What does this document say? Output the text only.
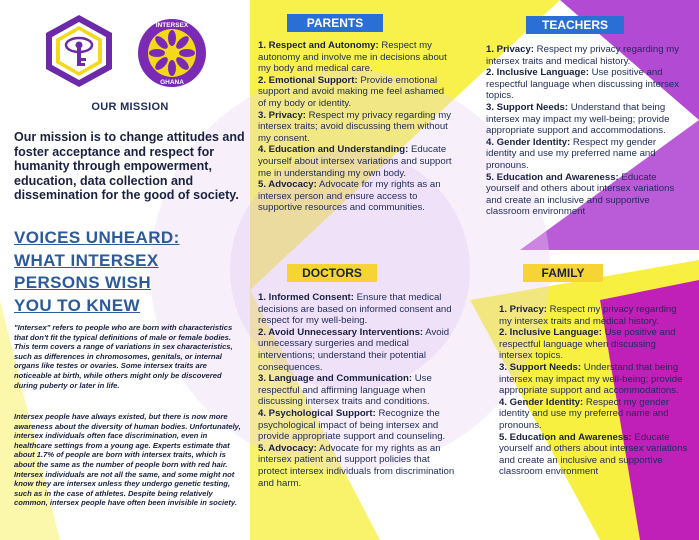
INTERSEX
GHANA
OUR MISSION
Our mission is to change attitudes and foster acceptance and respect for humanity through empowerment, education, data collection and dissemination for the good of society.
VOICES UNHEARD:
WHAT INTERSEX
PERSONS WISH
YOU TO KNEW
"Intersex" refers to people who are born with characteristics that don't fit the typical definitions of male or female bodies. This term covers a range of variations in sex characteristics, such as differences in chromosomes, genitals, or internal organs like testes or ovaries. Some intersex traits are noticeable at birth, while others might only be discovered during puberty or later in life.
Intersex people have always existed, but there is now more awareness about the diversity of human bodies. Unfortunately, intersex individuals often face discrimination, even in healthcare settings from a young age. Experts estimate that about 1.7% of people are born with intersex traits, which is about the same as the number of people born with red hair. Intersex individuals are not all the same, and some might not know they are intersex unless they undergo genetic testing, such as in the case of athletes. Despite being relatively common, intersex people have often been invisible in society.
PARENTS
1. Respect and Autonomy: Respect my autonomy and involve me in decisions about my body and medical care.
2. Emotional Support: Provide emotional support and avoid making me feel ashamed of my body or identity.
3. Privacy: Respect my privacy regarding my intersex traits; avoid discussing them without my consent.
4. Education and Understanding: Educate yourself about intersex variations and support me in understanding my own body.
5. Advocacy: Advocate for my rights as an intersex person and ensure access to supportive resources and communities.
TEACHERS
1. Privacy: Respect my privacy regarding my intersex traits and medical history.
2. Inclusive Language: Use positive and respectful language when discussing intersex topics.
3. Support Needs: Understand that being intersex may impact my well-being; provide appropriate support and accommodations.
4. Gender Identity: Respect my gender identity and use my preferred name and pronouns.
5. Education and Awareness: Educate yourself and others about intersex variations and create an inclusive and supportive classroom environment
DOCTORS
1. Informed Consent: Ensure that medical decisions are based on informed consent and respect for my well-being.
2. Avoid Unnecessary Interventions: Avoid unnecessary surgeries and medical interventions; understand their potential consequences.
3. Language and Communication: Use respectful and affirming language when discussing intersex traits and conditions.
4. Psychological Support: Recognize the psychological impact of being intersex and provide appropriate support and counseling.
5. Advocacy: Advocate for my rights as an intersex patient and support policies that protect intersex individuals from discrimination and harm.
FAMILY
1. Privacy: Respect my privacy regarding my intersex traits and medical history.
2. Inclusive Language: Use positive and respectful language when discussing intersex topics.
3. Support Needs: Understand that being intersex may impact my well-being; provide appropriate support and accommodations.
4. Gender Identity: Respect my gender identity and use my preferred name and pronouns.
5. Education and Awareness: Educate yourself and others about intersex variations and create an inclusive and supportive classroom environment
